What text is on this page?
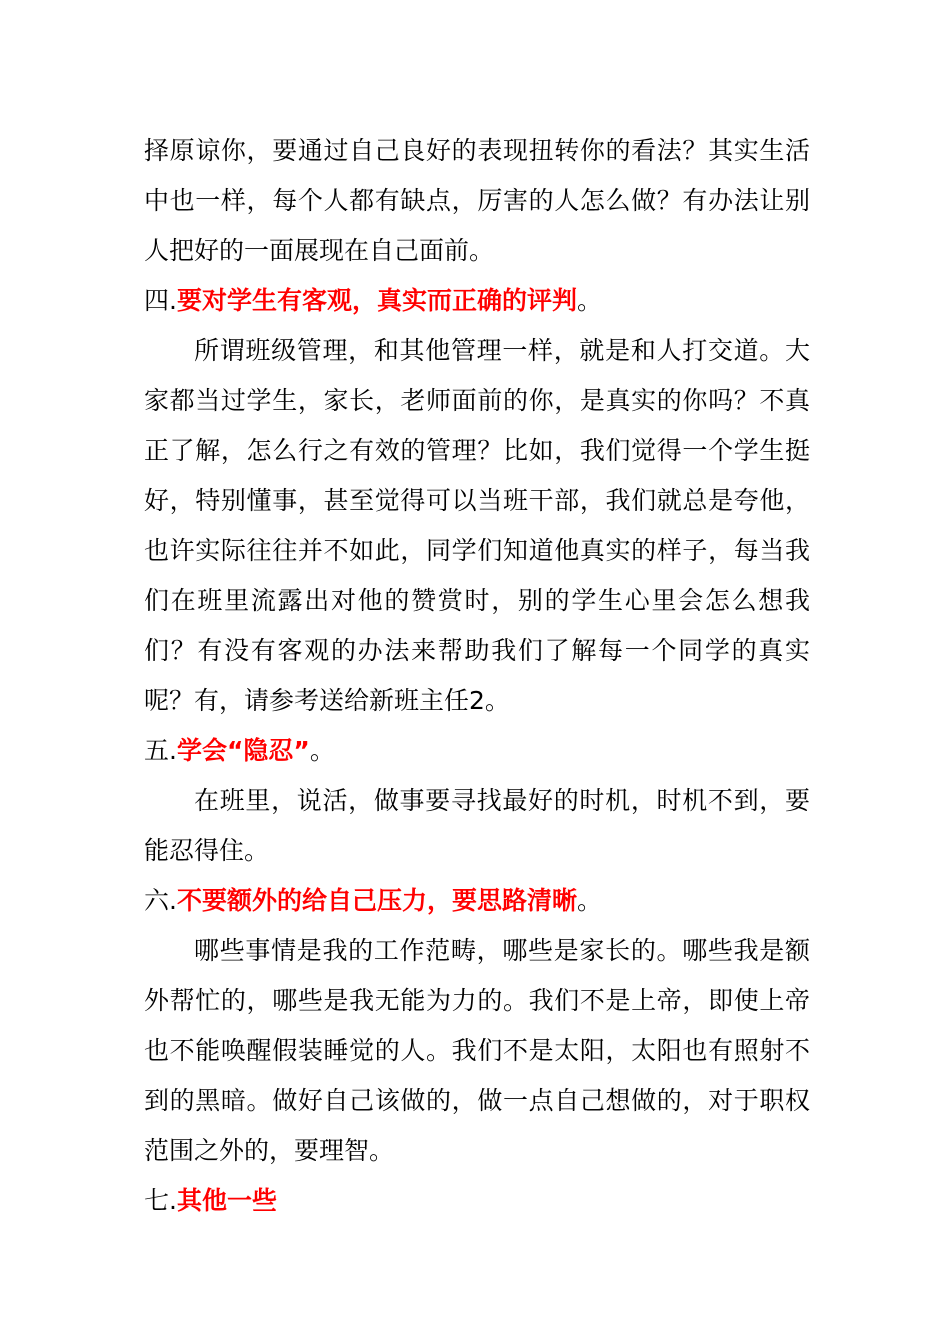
择原谅你，要通过自己良好的表现扭转你的看法？其实生活中也一样，每个人都有缺点，厉害的人怎么做？有办法让别人把好的一面展现在自己面前。

四.要对学生有客观，真实而正确的评判。

所谓班级管理，和其他管理一样，就是和人打交道。大家都当过学生，家长，老师面前的你，是真实的你吗？不真正了解，怎么行之有效的管理？比如，我们觉得一个学生挺好，特别懂事，甚至觉得可以当班干部，我们就总是夸他，也许实际往往并不如此，同学们知道他真实的样子，每当我们在班里流露出对他的赞赏时，别的学生心里会怎么想我们？有没有客观的办法来帮助我们了解每一个同学的真实呢？有，请参考送给新班主任2。

五.学会“隐忍”。

在班里，说活，做事要寻找最好的时机，时机不到，要能忍得住。

六.不要额外的给自己压力，要思路清晰。

哪些事情是我的工作范畴，哪些是家长的。哪些我是额外帮忙的，哪些是我无能为力的。我们不是上帝，即使上帝也不能唤醒假装睡觉的人。我们不是太阳，太阳也有照射不到的黑暗。做好自己该做的，做一点自己想做的，对于职权范围之外的，要理智。

七.其他一些
